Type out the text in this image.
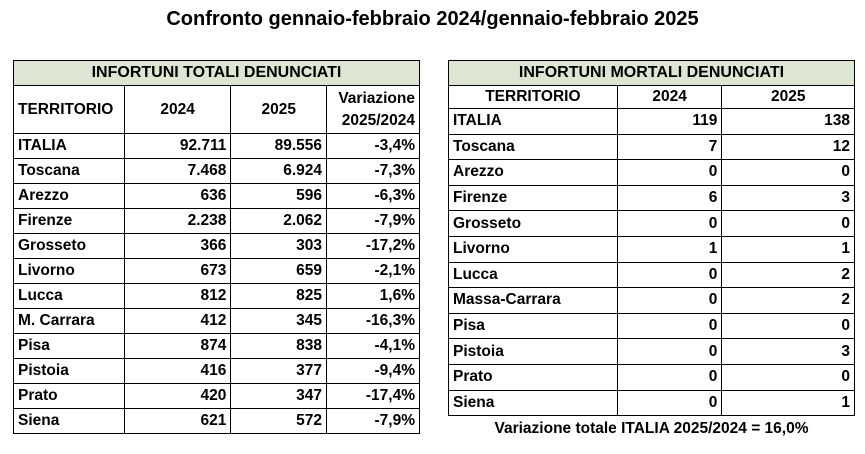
Confronto gennaio-febbraio 2024/gennaio-febbraio 2025
INFORTUNI TOTALI DENUNCIATI			
TERRITORIO	2024	2025	Variazione
2025/2024
ITALIA	92.711	89.556	-3,4%
Toscana	7.468	6.924	-7,3%
Arezzo	636	596	-6,3%
Firenze	2.238	2.062	-7,9%
Grosseto	366	303	-17,2%
Livorno	673	659	-2,1%
Lucca	812	825	1,6%
M. Carrara	412	345	-16,3%
Pisa	874	838	-4,1%
Pistoia	416	377	-9,4%
Prato	420	347	-17,4%
Siena	621	572	-7,9%
INFORTUNI MORTALI DENUNCIATI		
TERRITORIO	2024	2025
ITALIA	119	138
Toscana	7	12
Arezzo	0	0
Firenze	6	3
Grosseto	0	0
Livorno	1	1
Lucca	0	2
Massa-Carrara	0	2
Pisa	0	0
Pistoia	0	3
Prato	0	0
Siena	0	1
Variazione totale ITALIA 2025/2024 = 16,0%
